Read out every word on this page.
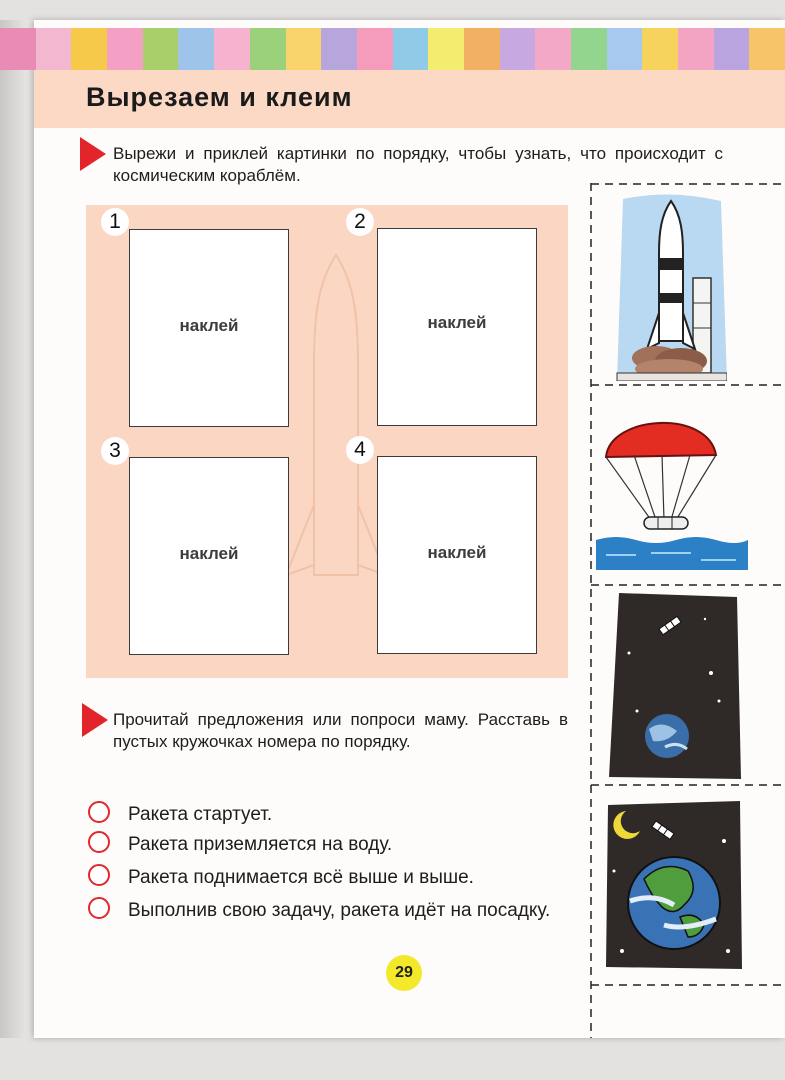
Вырезаем и клеим
Вырежи и приклей картинки по порядку, чтобы узнать, что происходит с космическим кораблём.
1
наклей
2
наклей
3
наклей
4
наклей
Прочитай предложения или попроси маму. Расставь в пустых кружочках номера по порядку.
Ракета стартует.
Ракета приземляется на воду.
Ракета поднимается всё выше и выше.
Выполнив свою задачу, ракета идёт на посадку.
29
